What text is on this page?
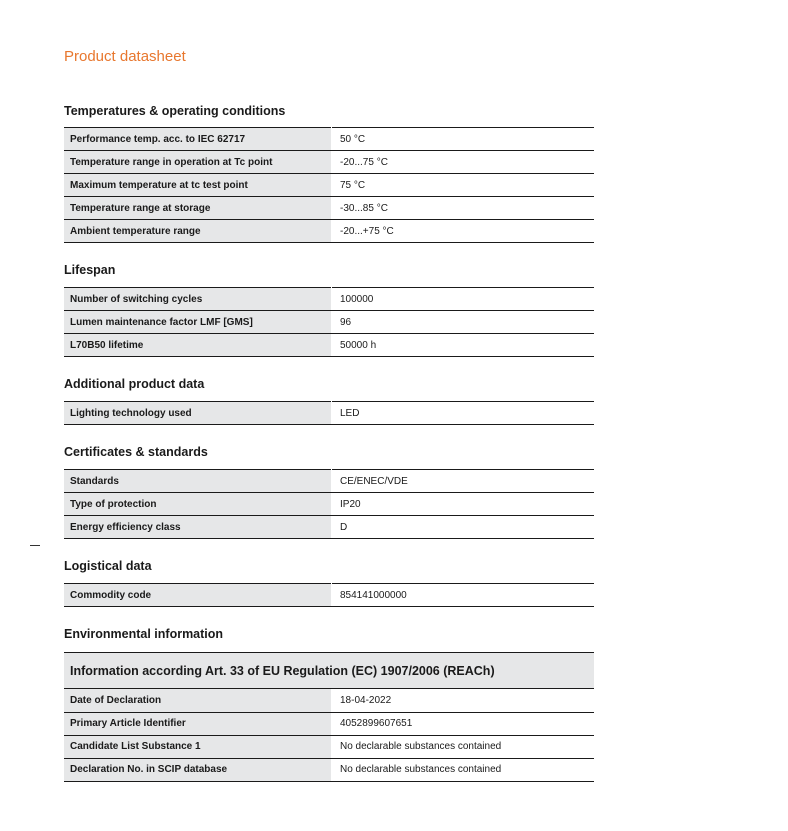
Product datasheet
Temperatures & operating conditions
Performance temp. acc. to IEC 62717	50 °C
Temperature range in operation at Tc point	-20...75 °C
Maximum temperature at tc test point	75 °C
Temperature range at storage	-30...85 °C
Ambient temperature range	-20...+75 °C
Lifespan
Number of switching cycles	100000
Lumen maintenance factor LMF [GMS]	96
L70B50 lifetime	50000 h
Additional product data
Lighting technology used	LED
Certificates & standards
Standards	CE/ENEC/VDE
Type of protection	IP20
Energy efficiency class	D
Logistical data
Commodity code	854141000000
Environmental information
Information according Art. 33 of EU Regulation (EC) 1907/2006 (REACh)
Date of Declaration	18-04-2022
Primary Article Identifier	4052899607651
Candidate List Substance 1	No declarable substances contained
Declaration No. in SCIP database	No declarable substances contained
